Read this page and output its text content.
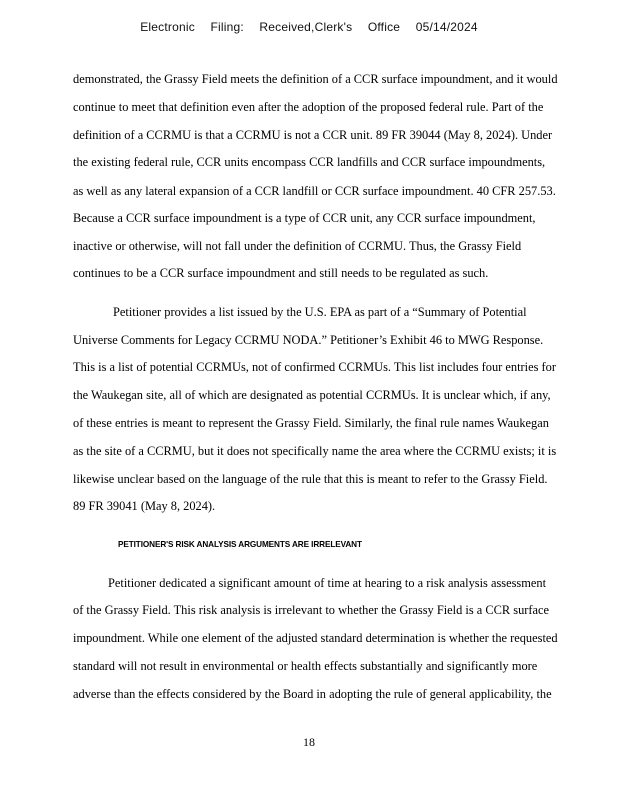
Electronic Filing: Received,Clerk's Office 05/14/2024
demonstrated, the Grassy Field meets the definition of a CCR surface impoundment, and it would
continue to meet that definition even after the adoption of the proposed federal rule. Part of the
definition of a CCRMU is that a CCRMU is not a CCR unit. 89 FR 39044 (May 8, 2024). Under
the existing federal rule, CCR units encompass CCR landfills and CCR surface impoundments,
as well as any lateral expansion of a CCR landfill or CCR surface impoundment. 40 CFR 257.53.
Because a CCR surface impoundment is a type of CCR unit, any CCR surface impoundment,
inactive or otherwise, will not fall under the definition of CCRMU. Thus, the Grassy Field
continues to be a CCR surface impoundment and still needs to be regulated as such.
Petitioner provides a list issued by the U.S. EPA as part of a “Summary of Potential
Universe Comments for Legacy CCRMU NODA.” Petitioner’s Exhibit 46 to MWG Response.
This is a list of potential CCRMUs, not of confirmed CCRMUs. This list includes four entries for
the Waukegan site, all of which are designated as potential CCRMUs. It is unclear which, if any,
of these entries is meant to represent the Grassy Field. Similarly, the final rule names Waukegan
as the site of a CCRMU, but it does not specifically name the area where the CCRMU exists; it is
likewise unclear based on the language of the rule that this is meant to refer to the Grassy Field.
89 FR 39041 (May 8, 2024).
PETITIONER'S RISK ANALYSIS ARGUMENTS ARE IRRELEVANT
Petitioner dedicated a significant amount of time at hearing to a risk analysis assessment
of the Grassy Field. This risk analysis is irrelevant to whether the Grassy Field is a CCR surface
impoundment. While one element of the adjusted standard determination is whether the requested
standard will not result in environmental or health effects substantially and significantly more
adverse than the effects considered by the Board in adopting the rule of general applicability, the
18
